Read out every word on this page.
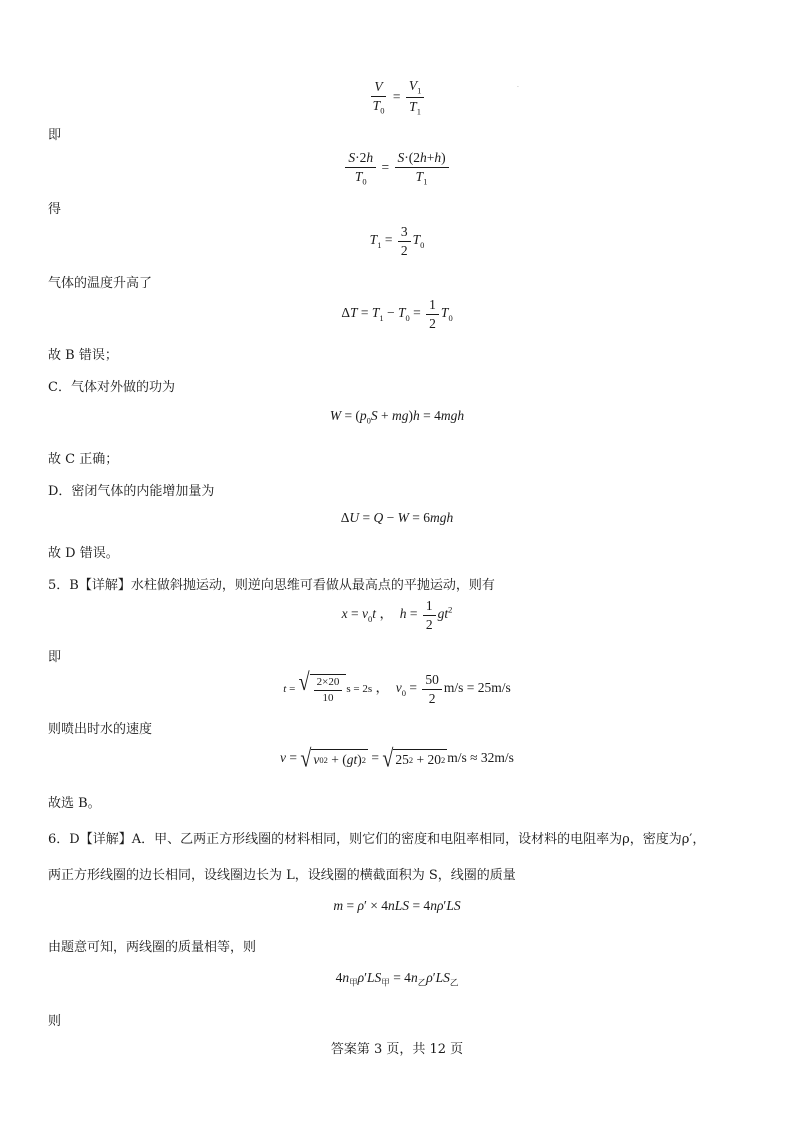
·
$\frac{V}{T_0} = \frac{V_1}{T_1}$
即
$\frac{S\cdot 2h}{T_0} = \frac{S\cdot(2h+h)}{T_1}$
得
$T_1 = \frac{3}{2} T_0$
气体的温度升高了
$\Delta T = T_1 - T_0 = \frac{1}{2} T_0$
故 B 错误；
C．气体对外做的功为
$W = (p_0S + mg)h = 4mgh$
故 C 正确；
D．密闭气体的内能增加量为
ΔU = Q − W = 6mgh
故 D 错误。
5．B【详解】水柱做斜抛运动，则逆向思维可看做从最高点的平抛运动，则有
$x = v_0t$ ，  $h = \frac{1}{2} gt^2$
即
t = √ $\frac{2\times 20}{10}$ s = 2s ，  $v_0 = \frac{50}{2} m/s = 25m/s$
则喷出时水的速度
v = √ v 0 2 + ( gt ) 2 = √ 25 2 + 20 2 m/s ≈ 32m/s
故选 B。
6．D【详解】A．甲、乙两正方形线圈的材料相同，则它们的密度和电阻率相同，设材料的电阻率为ρ，密度为ρ′，
两正方形线圈的边长相同，设线圈边长为 L，设线圈的横截面积为 S，线圈的质量
m = ρ′ × 4nLS = 4nρ′LS
由题意可知，两线圈的质量相等，则
$4n_甲\rho'LS_甲 = 4n_乙\rho'LS_乙$
则
答案第 3 页，共 12 页
